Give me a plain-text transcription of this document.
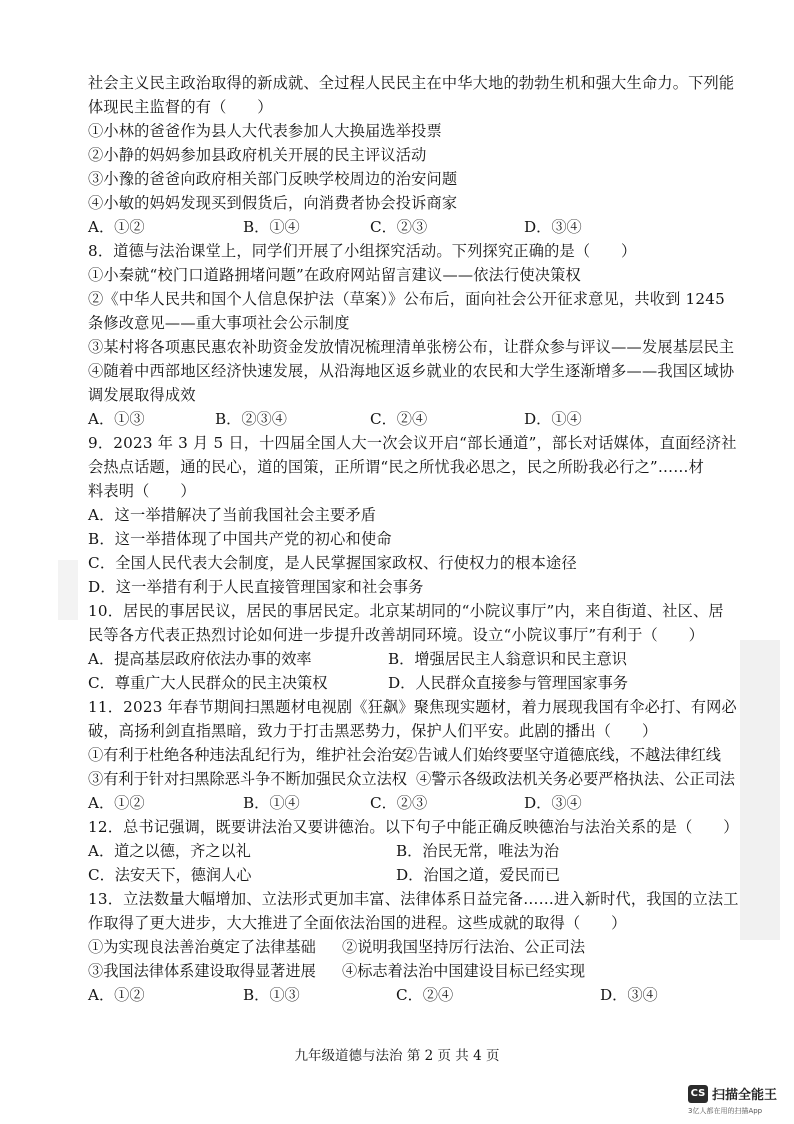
社会主义民主政治取得的新成就、全过程人民民主在中华大地的勃勃生机和强大生命力。下列能
体现民主监督的有（　　）
①小林的爸爸作为县人大代表参加人大换届选举投票
②小静的妈妈参加县政府机关开展的民主评议活动
③小豫的爸爸向政府相关部门反映学校周边的治安问题
④小敏的妈妈发现买到假货后，向消费者协会投诉商家
A．①②	B．①④	C．②③	D．③④
8．道德与法治课堂上，同学们开展了小组探究活动。下列探究正确的是（　　）
①小秦就“校门口道路拥堵问题”在政府网站留言建议——依法行使决策权
②《中华人民共和国个人信息保护法（草案）》公布后，面向社会公开征求意见，共收到 1245
条修改意见——重大事项社会公示制度
③某村将各项惠民惠农补助资金发放情况梳理清单张榜公布，让群众参与评议——发展基层民主
④随着中西部地区经济快速发展，从沿海地区返乡就业的农民和大学生逐渐增多——我国区域协
调发展取得成效
A．①③	B．②③④	C．②④	D．①④
9．2023 年 3 月 5 日，十四届全国人大一次会议开启“部长通道”，部长对话媒体，直面经济社
会热点话题，通的民心，道的国策，正所谓“民之所忧我必思之，民之所盼我必行之”……材
料表明（　　）
A．这一举措解决了当前我国社会主要矛盾
B．这一举措体现了中国共产党的初心和使命
C．全国人民代表大会制度，是人民掌握国家政权、行使权力的根本途径
D．这一举措有利于人民直接管理国家和社会事务
10．居民的事居民议，居民的事居民定。北京某胡同的“小院议事厅”内，来自街道、社区、居
民等各方代表正热烈讨论如何进一步提升改善胡同环境。设立“小院议事厅”有利于（　　）
A．提高基层政府依法办事的效率	B．增强居民主人翁意识和民主意识
C．尊重广大人民群众的民主决策权	D．人民群众直接参与管理国家事务
11．2023 年春节期间扫黑题材电视剧《狂飙》聚焦现实题材，着力展现我国有伞必打、有网必
破，高扬利剑直指黑暗，致力于打击黑恶势力，保护人们平安。此剧的播出（　　）
①有利于杜绝各种违法乱纪行为，维护社会治安
②告诫人们始终要坚守道德底线，不越法律红线
③有利于针对扫黑除恶斗争不断加强民众立法权 ④警示各级政法机关务必要严格执法、公正司法
A．①②	B．①④	C．②③	D．③④
12．总书记强调，既要讲法治又要讲德治。以下句子中能正确反映德治与法治关系的是（　　）
A．道之以德，齐之以礼	B．治民无常，唯法为治
C．法安天下，德润人心	D．治国之道，爱民而已
13．立法数量大幅增加、立法形式更加丰富、法律体系日益完备……进入新时代，我国的立法工
作取得了更大进步，大大推进了全面依法治国的进程。这些成就的取得（　　）
①为实现良法善治奠定了法律基础 ②说明我国坚持厉行法治、公正司法
③我国法律体系建设取得显著进展 ④标志着法治中国建设目标已经实现
A．①②	B．①③	C．②④	D．③④
九年级道德与法治 第 2 页 共 4 页
CS 扫描全能王
3亿人都在用的扫描App
